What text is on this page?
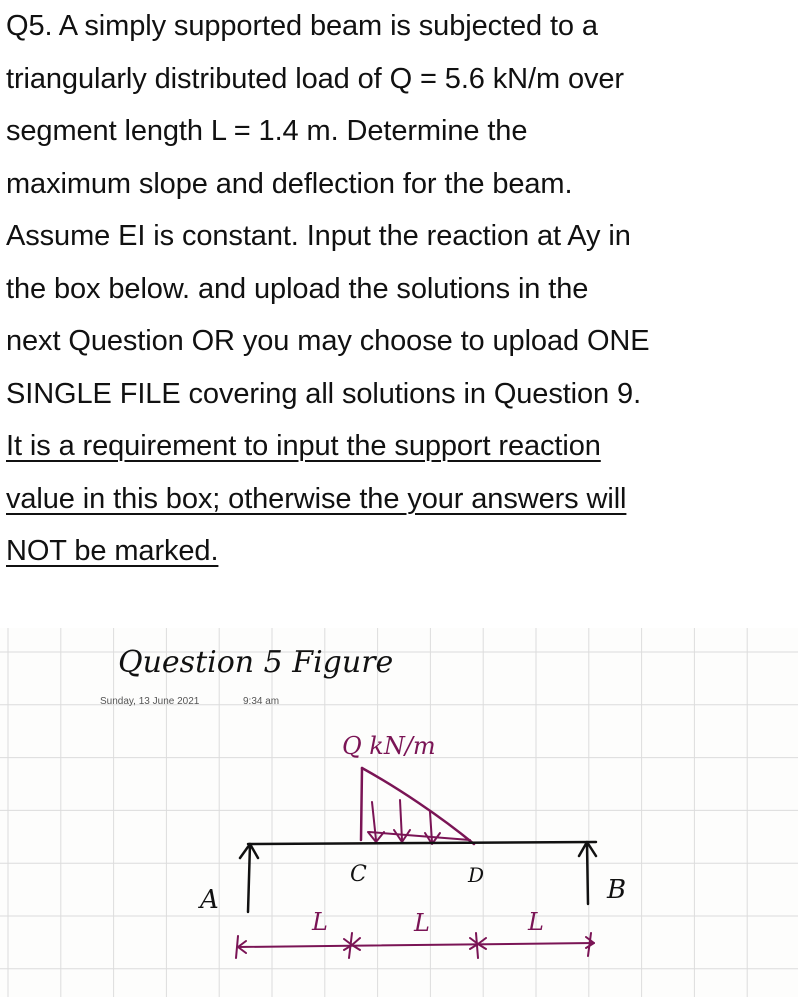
Q5. A simply supported beam is subjected to a
triangularly distributed load of Q = 5.6 kN/m over
segment length L = 1.4 m. Determine the
maximum slope and deflection for the beam.
Assume EI is constant. Input the reaction at Ay in
the box below. and upload the solutions in the
next Question OR you may choose to upload ONE
SINGLE FILE covering all solutions in Question 9.
It is a requirement to input the support reaction
value in this box; otherwise the your answers will
NOT be marked.
Question 5 Figure
Sunday, 13 June 2021	9:34 am
Q kN/m
A	B
C	D
L	L	L
